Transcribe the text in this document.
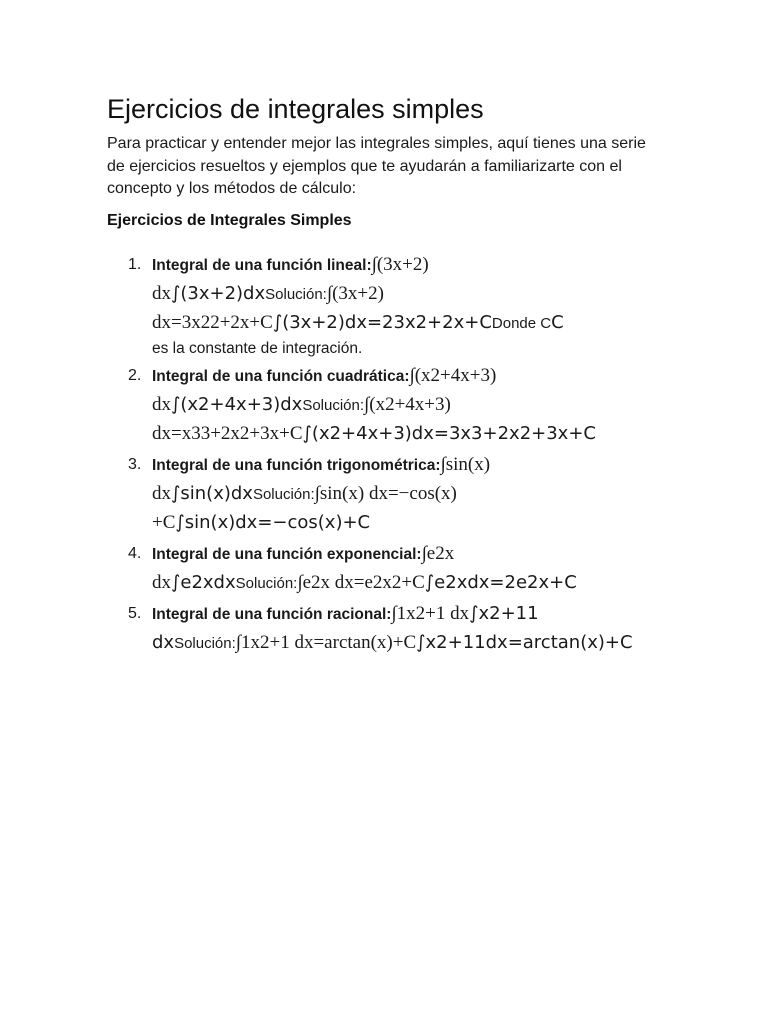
Ejercicios de integrales simples

Para practicar y entender mejor las integrales simples, aquí tienes una serie de ejercicios resueltos y ejemplos que te ayudarán a familiarizarte con el concepto y los métodos de cálculo:

Ejercicios de Integrales Simples

1. Integral de una función lineal:∫(3x+2)
dx∫(3x+2)dxSolución:∫(3x+2)
dx=3x22+2x+C∫(3x+2)dx=23x2+2x+CDonde CC
es la constante de integración.
2. Integral de una función cuadrática:∫(x2+4x+3)
dx∫(x2+4x+3)dxSolución:∫(x2+4x+3)
dx=x33+2x2+3x+C∫(x2+4x+3)dx=3x3+2x2+3x+C
3. Integral de una función trigonométrica:∫sin(x)
dx∫sin(x)dxSolución:∫sin(x) dx=−cos(x)
+C∫sin(x)dx=−cos(x)+C
4. Integral de una función exponencial:∫e2x
dx∫e2xdxSolución:∫e2x dx=e2x2+C∫e2xdx=2e2x+C
5. Integral de una función racional:∫1x2+1 dx∫x2+11
dxSolución:∫1x2+1 dx=arctan(x)+C∫x2+11dx=arctan(x)+C
